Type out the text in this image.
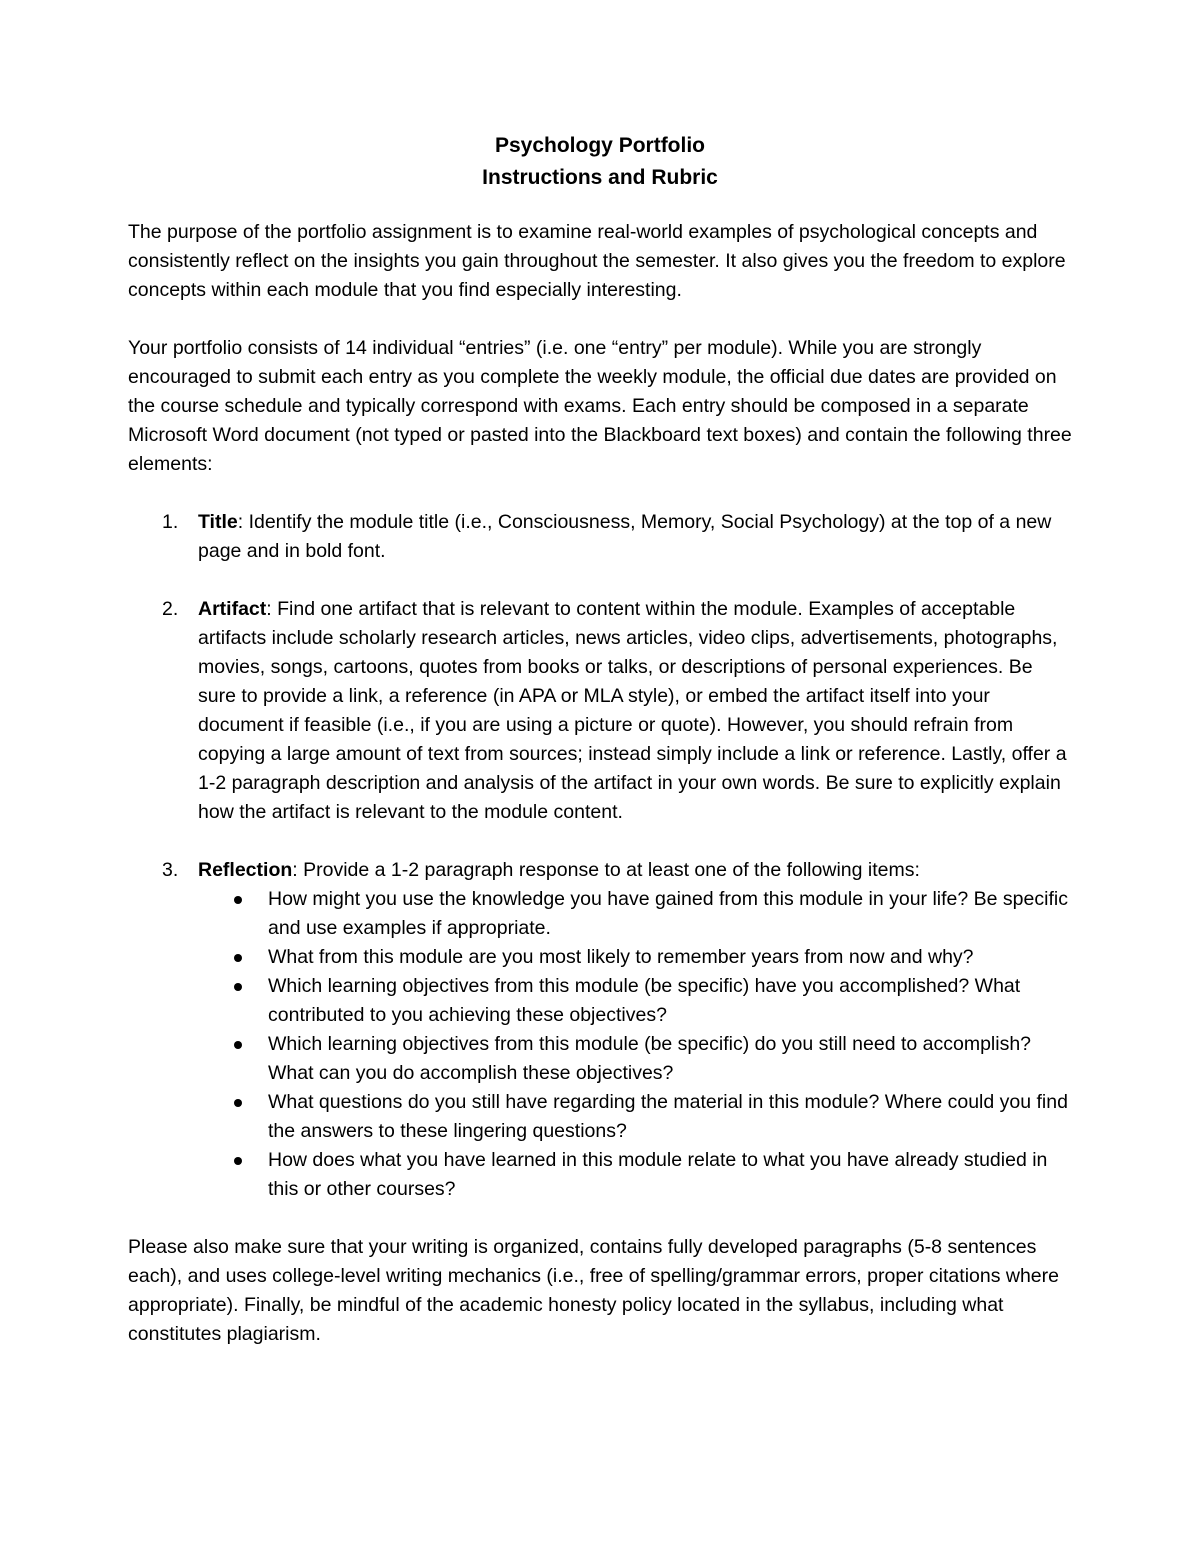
Psychology Portfolio
Instructions and Rubric

The purpose of the portfolio assignment is to examine real-world examples of psychological concepts and consistently reflect on the insights you gain throughout the semester. It also gives you the freedom to explore concepts within each module that you find especially interesting.

Your portfolio consists of 14 individual “entries” (i.e. one “entry” per module). While you are strongly encouraged to submit each entry as you complete the weekly module, the official due dates are provided on the course schedule and typically correspond with exams. Each entry should be composed in a separate Microsoft Word document (not typed or pasted into the Blackboard text boxes) and contain the following three elements:

1. Title: Identify the module title (i.e., Consciousness, Memory, Social Psychology) at the top of a new page and in bold font.
2. Artifact: Find one artifact that is relevant to content within the module. Examples of acceptable artifacts include scholarly research articles, news articles, video clips, advertisements, photographs, movies, songs, cartoons, quotes from books or talks, or descriptions of personal experiences. Be sure to provide a link, a reference (in APA or MLA style), or embed the artifact itself into your document if feasible (i.e., if you are using a picture or quote). However, you should refrain from copying a large amount of text from sources; instead simply include a link or reference. Lastly, offer a 1-2 paragraph description and analysis of the artifact in your own words. Be sure to explicitly explain how the artifact is relevant to the module content.
3. Reflection: Provide a 1-2 paragraph response to at least one of the following items:
How might you use the knowledge you have gained from this module in your life? Be specific and use examples if appropriate.
What from this module are you most likely to remember years from now and why?
Which learning objectives from this module (be specific) have you accomplished? What contributed to you achieving these objectives?
Which learning objectives from this module (be specific) do you still need to accomplish? What can you do accomplish these objectives?
What questions do you still have regarding the material in this module? Where could you find the answers to these lingering questions?
How does what you have learned in this module relate to what you have already studied in this or other courses?

Please also make sure that your writing is organized, contains fully developed paragraphs (5-8 sentences each), and uses college-level writing mechanics (i.e., free of spelling/grammar errors, proper citations where appropriate). Finally, be mindful of the academic honesty policy located in the syllabus, including what constitutes plagiarism.
